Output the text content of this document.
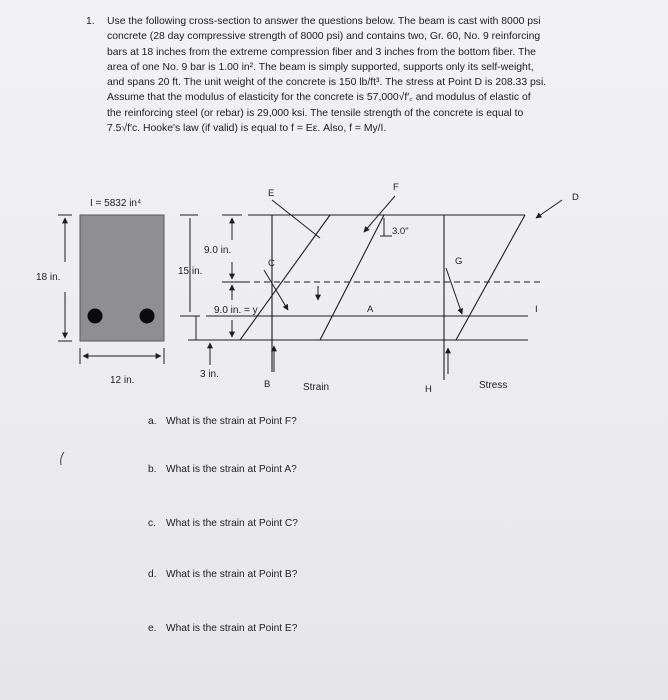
1. Use the following cross-section to answer the questions below. The beam is cast with 8000 psi
concrete (28 day compressive strength of 8000 psi) and contains two, Gr. 60, No. 9 reinforcing
bars at 18 inches from the extreme compression fiber and 3 inches from the bottom fiber. The
area of one No. 9 bar is 1.00 in². The beam is simply supported, supports only its self-weight,
and spans 20 ft. The unit weight of the concrete is 150 lb/ft³. The stress at Point D is 208.33 psi.
Assume that the modulus of elasticity for the concrete is 57,000√f′꜀ and modulus of elastic of
the reinforcing steel (or rebar) is 29,000 ksi. The tensile strength of the concrete is equal to
7.5√f′c. Hooke's law (if valid) is equal to f = Eε. Also, f = My/I.
I = 5832 in⁴
18 in.
12 in.
15 in.
9.0 in.
9.0 in. = y
3 in.
3.0"
E
F
D
C	G
A	I
B	H
Strain	Stress
a. What is the strain at Point F?
b. What is the strain at Point A?
c. What is the strain at Point C?
d. What is the strain at Point B?
e. What is the strain at Point E?
